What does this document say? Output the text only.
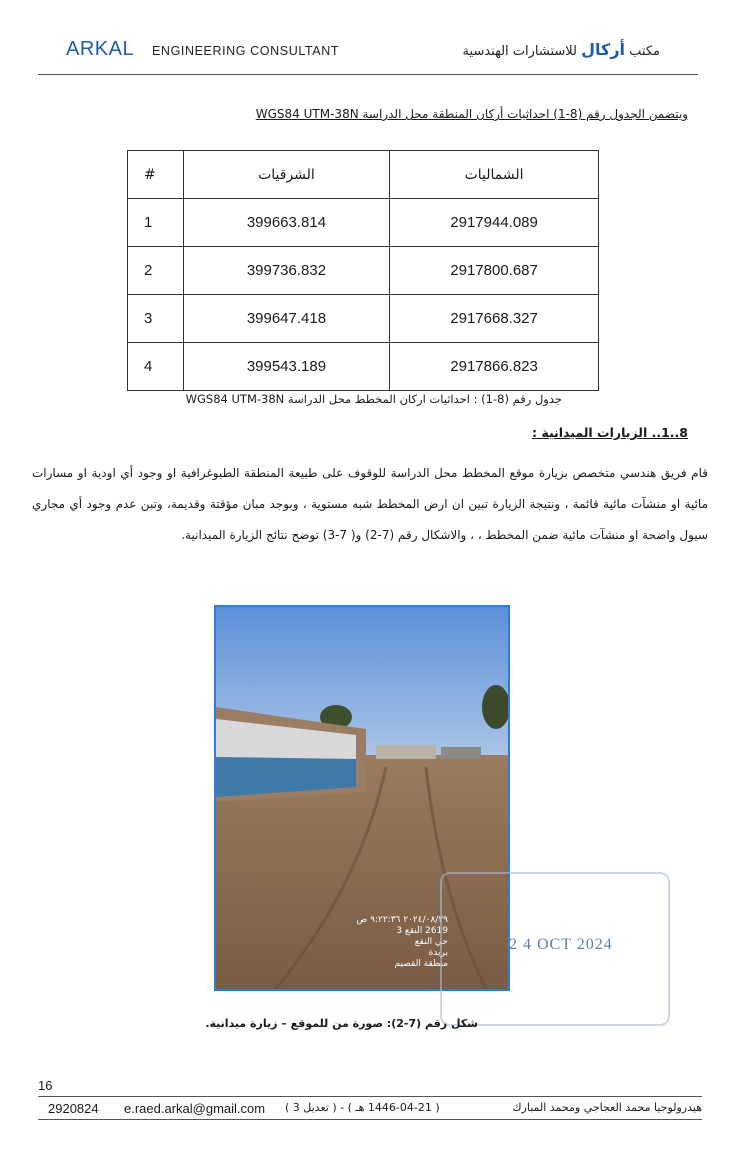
ARKAL ENGINEERING CONSULTANT	مكتب أركال للاستشارات الهندسية
ويتضمن الجدول رقم (8-1) احداثيات أركان المنطقة محل الدراسة WGS84 UTM-38N
#	الشرقيات	الشماليات
1	399663.814	2917944.089
2	399736.832	2917800.687
3	399647.418	2917668.327
4	399543.189	2917866.823
جدول رقم (8-1) : احداثيات اركان المخطط محل الدراسة WGS84 UTM-38N
8..1.. الزيارات الميدانية :
قام فريق هندسي متخصص بزيارة موقع المخطط محل الدراسة للوقوف على طبيعة المنطقة الطبوغرافية او وجود أي اودية او مسارات مائية او منشآت مائية قائمة ، ونتيجة الزيارة تبين ان ارض المخطط شبه مستوية ، وبوجد مبان مؤقتة وقديمة، وتبن عدم وجود أي مجاري سيول واضحة او منشآت مائية ضمن المخطط ، ، والاشكال رقم (7-2) و( 7-3) توضح نتائج الزيارة الميدانية.
٢٠٢٤/٠٨/٢٩ ٩:٢٢:٣٦ ص
2619 النقع 3
حي النقع
بريدة
منطقة القصيم
2 4 OCT 2024
شكل رقم (7-2): صورة من للموقع – زيارة ميدانية.
16
2920824 e.raed.arkal@gmail.com ( 1446-04-21 هـ ) - ( تعديل 3 )	هيدرولوجيا محمد العجاجي ومحمد المبارك
